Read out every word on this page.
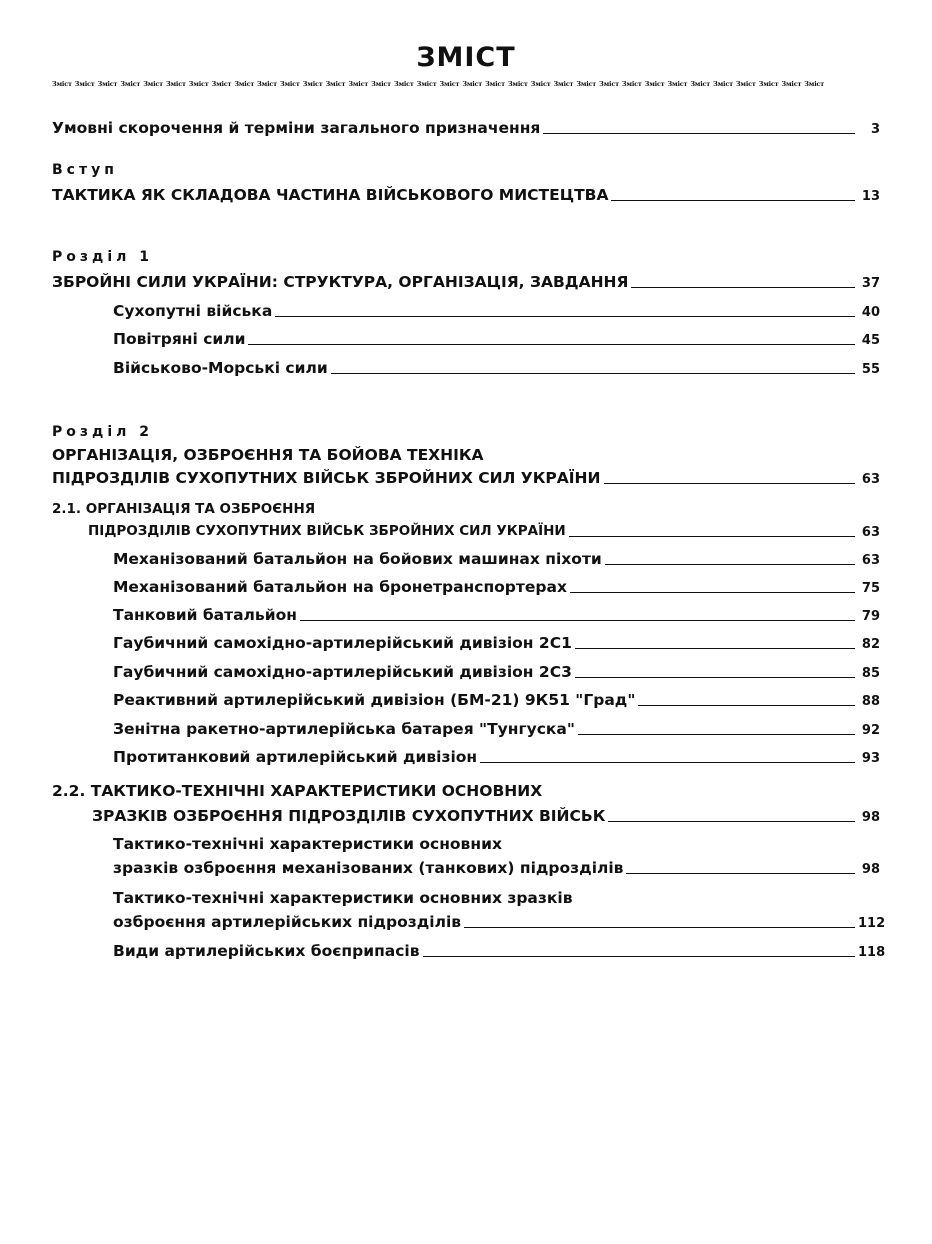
ЗМІСТ
Зміст Зміст Зміст Зміст Зміст Зміст Зміст Зміст Зміст Зміст Зміст Зміст Зміст Зміст Зміст Зміст Зміст Зміст Зміст Зміст Зміст Зміст Зміст Зміст Зміст Зміст Зміст Зміст Зміст Зміст Зміст Зміст Зміст Зміст
Умовні скорочення й терміни загального призначення	3
Вступ
ТАКТИКА ЯК СКЛАДОВА ЧАСТИНА ВІЙСЬКОВОГО МИСТЕЦТВА	13
Розділ 1
ЗБРОЙНІ СИЛИ УКРАЇНИ: СТРУКТУРА, ОРГАНІЗАЦІЯ, ЗАВДАННЯ	37
Сухопутні війська	40
Повітряні сили	45
Військово-Морські сили	55
Розділ 2
ОРГАНІЗАЦІЯ, ОЗБРОЄННЯ ТА БОЙОВА ТЕХНІКА
ПІДРОЗДІЛІВ СУХОПУТНИХ ВІЙСЬК ЗБРОЙНИХ СИЛ УКРАЇНИ	63
2.1. ОРГАНІЗАЦІЯ ТА ОЗБРОЄННЯ
ПІДРОЗДІЛІВ СУХОПУТНИХ ВІЙСЬК ЗБРОЙНИХ СИЛ УКРАЇНИ	63
Механізований батальйон на бойових машинах піхоти	63
Механізований батальйон на бронетранспортерах	75
Танковий батальйон	79
Гаубичний самохідно-артилерійський дивізіон 2С1	82
Гаубичний самохідно-артилерійський дивізіон 2С3	85
Реактивний артилерійський дивізіон (БМ-21) 9К51 "Град"	88
Зенітна ракетно-артилерійська батарея "Тунгуска"	92
Протитанковий артилерійський дивізіон	93
2.2. ТАКТИКО-ТЕХНІЧНІ ХАРАКТЕРИСТИКИ ОСНОВНИХ
ЗРАЗКІВ ОЗБРОЄННЯ ПІДРОЗДІЛІВ СУХОПУТНИХ ВІЙСЬК	98
Тактико-технічні характеристики основних
зразків озброєння механізованих (танкових) підрозділів	98
Тактико-технічні характеристики основних зразків
озброєння артилерійських підрозділів	112
Види артилерійських боєприпасів	118
